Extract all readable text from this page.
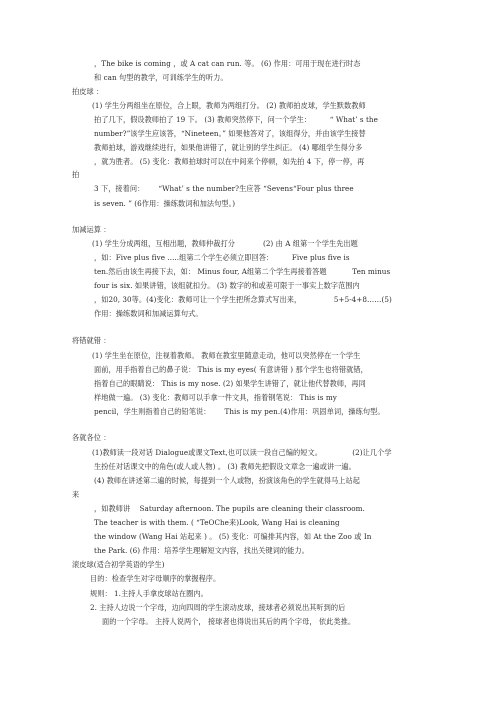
，The bike is coming ，或 A cat can run. 等。 (6) 作用：可用于现在进行时态
和 can 句型的教学，可训练学生的听力。
拍皮球 ：
(1) 学生分两组坐在原位，合上眼，教师为两组打分。 (2) 教师拍皮球，学生默数教师
拍了几下，假设教师拍了 19 下。 (3) 教师突然停下，问一个学生：        “ What’ s the
number?”该学生应该答，“Nineteen。” 如果他答对了，该组得分，并由该学生接替
教师拍球，游戏继续进行，如果他讲错了，就让别的学生纠正。 (4) 哪组学生得分多
，就为胜者。 (5) 变化：教师拍球时可以在中间来个停顿，如先拍 4 下，停一停，再
拍
3 下，接着问：      “What’ s the number?生应答 “Sevens“Four plus three
is seven. ” (6作用：操练数词和加法句型。)
加减运算 ：
(1) 学生分成两组，互相出题，教师仲裁打分            (2) 由 A 组第一个学生先出题
，如：Five plus five .....组第二个学生必须立即回答：        Five plus five is
ten.然后由该生再接下去，如： Minus four, A组第二个学生再接着答题           Ten minus
four is six. 如果讲错，该组就扣分。 (3) 数字的和或差可限于一事实上数字范围内
，如20, 30等。(4)变化：教师可让一个学生把所念算式写出来，              5+5-4+8……(5)
作用：操练数词和加减运算句式。
将错就错 ：
(1) 学生坐在原位，注视着教师。 教师在教室里随意走动，他可以突然停在一个学生
面前，用手指着自己的鼻子说： This is my eyes( 有意讲错 ) 那个学生也将错就错，
指着自己的眼睛说： This is my nose. (2) 如果学生讲错了，就让他代替教师，再同
样地做一遍。 (3) 变化：教师可以手拿一件文具，指着钢笔说： This is my
pencil，学生则指着自己的铅笔说：      This is my pen.(4)作用：巩固单词，操练句型。
各就各位 ：
(1)教师读一段对话 Dialogue或课文Text,也可以读一段自己编的短文。             (2)让几个学
生扮任对话课文中的角色(或人或人物) 。 (3) 教师先把假设文章念一遍或讲一遍。
(4) 教师在讲述第二遍的时候，每提到一个人或物，扮演该角色的学生就得马上站起
来
，如教师讲    Saturday afternoon. The pupils are cleaning their classroom.
The teacher is with them. ( “TeOChe来)Look, Wang Hai is cleaning
the window (Wang Hai 站起来 ) 。 (5) 变化：可编排其内容，如 At the Zoo 或 In
the Park. (6) 作用：培养学生理解短文内容，找出关键词的能力。
滚皮球(适合初学英语的学生)
目的：检查学生对字母顺序的掌握程序。
规则： 1.主持人手拿皮球站在圈内。
2. 主持人边说一个字母，边向四周的学生滚动皮球，接球者必须说出其听到的后
面的一个字母。 主持人说两个， 接球者也得说出其后的两个字母， 依此类推。
